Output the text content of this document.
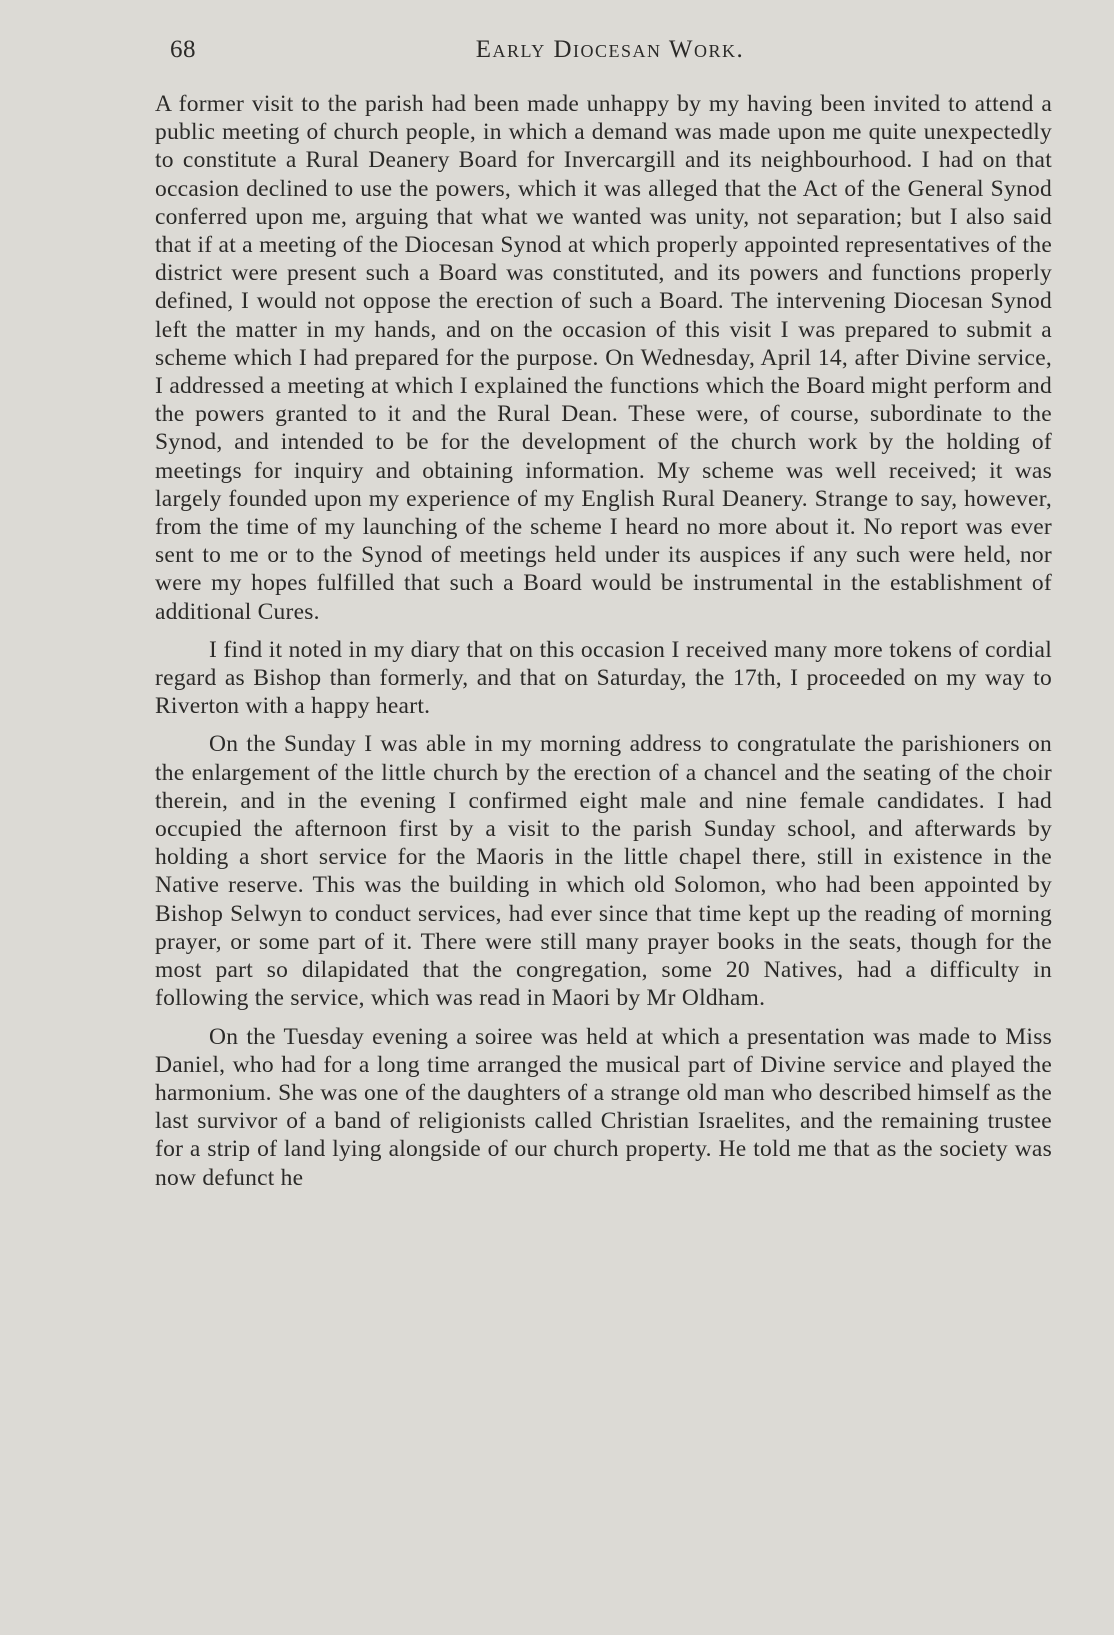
68	Early Diocesan Work.

A former visit to the parish had been made unhappy by my having been invited to attend a public meeting of church people, in which a demand was made upon me quite unexpectedly to constitute a Rural Deanery Board for Invercargill and its neighbourhood. I had on that occasion declined to use the powers, which it was alleged that the Act of the General Synod conferred upon me, arguing that what we wanted was unity, not separation; but I also said that if at a meeting of the Diocesan Synod at which properly appointed representatives of the district were present such a Board was constituted, and its powers and functions properly defined, I would not oppose the erection of such a Board. The intervening Diocesan Synod left the matter in my hands, and on the occasion of this visit I was prepared to submit a scheme which I had prepared for the purpose. On Wednesday, April 14, after Divine service, I addressed a meeting at which I explained the functions which the Board might perform and the powers granted to it and the Rural Dean. These were, of course, subordinate to the Synod, and intended to be for the development of the church work by the holding of meetings for inquiry and obtaining information. My scheme was well received; it was largely founded upon my experience of my English Rural Deanery. Strange to say, however, from the time of my launching of the scheme I heard no more about it. No report was ever sent to me or to the Synod of meetings held under its auspices if any such were held, nor were my hopes fulfilled that such a Board would be instrumental in the establishment of additional Cures.

I find it noted in my diary that on this occasion I received many more tokens of cordial regard as Bishop than formerly, and that on Saturday, the 17th, I proceeded on my way to Riverton with a happy heart.

On the Sunday I was able in my morning address to congratulate the parishioners on the enlargement of the little church by the erection of a chancel and the seating of the choir therein, and in the evening I confirmed eight male and nine female candidates. I had occupied the afternoon first by a visit to the parish Sunday school, and afterwards by holding a short service for the Maoris in the little chapel there, still in existence in the Native reserve. This was the building in which old Solomon, who had been appointed by Bishop Selwyn to conduct services, had ever since that time kept up the reading of morning prayer, or some part of it. There were still many prayer books in the seats, though for the most part so dilapidated that the congregation, some 20 Natives, had a difficulty in following the service, which was read in Maori by Mr Oldham.

On the Tuesday evening a soiree was held at which a presentation was made to Miss Daniel, who had for a long time arranged the musical part of Divine service and played the harmonium. She was one of the daughters of a strange old man who described himself as the last survivor of a band of religionists called Christian Israelites, and the remaining trustee for a strip of land lying alongside of our church property. He told me that as the society was now defunct he
